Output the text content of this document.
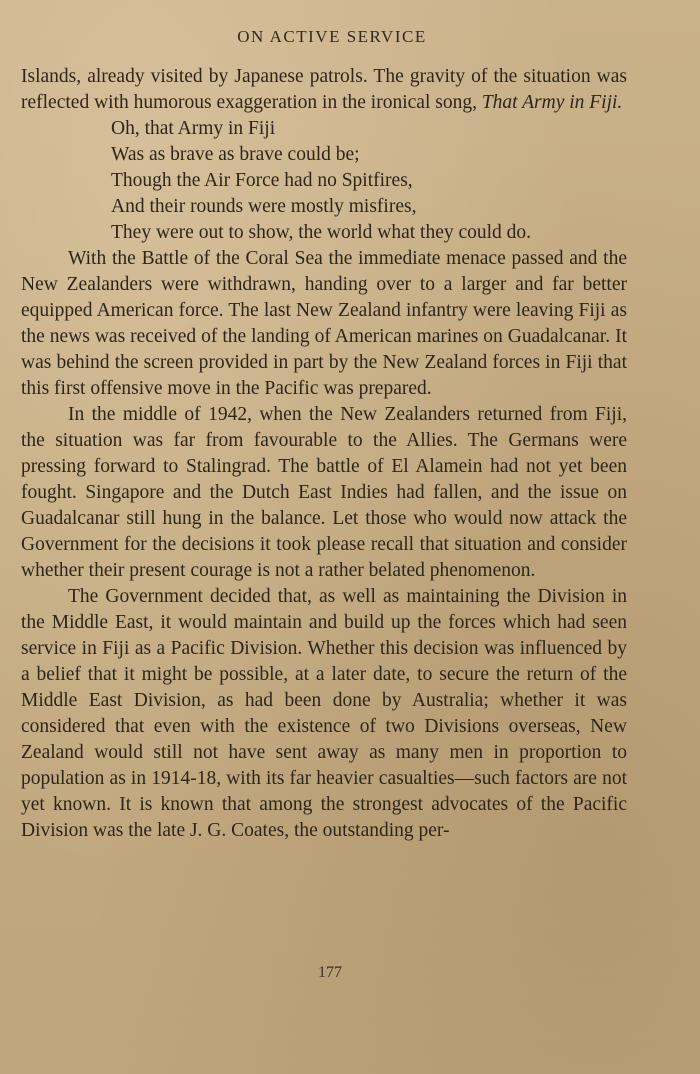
ON ACTIVE SERVICE
Islands, already visited by Japanese patrols. The gravity of the situation was reflected with humorous exaggeration in the ironical song, That Army in Fiji.
Oh, that Army in Fiji
Was as brave as brave could be;
Though the Air Force had no Spitfires,
And their rounds were mostly misfires,
They were out to show, the world what they could do.
With the Battle of the Coral Sea the immediate menace passed and the New Zealanders were withdrawn, handing over to a larger and far better equipped American force. The last New Zealand infantry were leaving Fiji as the news was received of the landing of American marines on Guadalcanar. It was behind the screen provided in part by the New Zealand forces in Fiji that this first offensive move in the Pacific was prepared.
In the middle of 1942, when the New Zealanders returned from Fiji, the situation was far from favourable to the Allies. The Germans were pressing forward to Stalingrad. The battle of El Alamein had not yet been fought. Singapore and the Dutch East Indies had fallen, and the issue on Guadalcanar still hung in the balance. Let those who would now attack the Government for the decisions it took please recall that situation and consider whether their present courage is not a rather belated phenomenon.
The Government decided that, as well as maintaining the Division in the Middle East, it would maintain and build up the forces which had seen service in Fiji as a Pacific Division. Whether this decision was influenced by a belief that it might be possible, at a later date, to secure the return of the Middle East Division, as had been done by Australia; whether it was considered that even with the existence of two Divisions overseas, New Zealand would still not have sent away as many men in proportion to population as in 1914-18, with its far heavier casualties—such factors are not yet known. It is known that among the strongest advocates of the Pacific Division was the late J. G. Coates, the outstanding per-
177
